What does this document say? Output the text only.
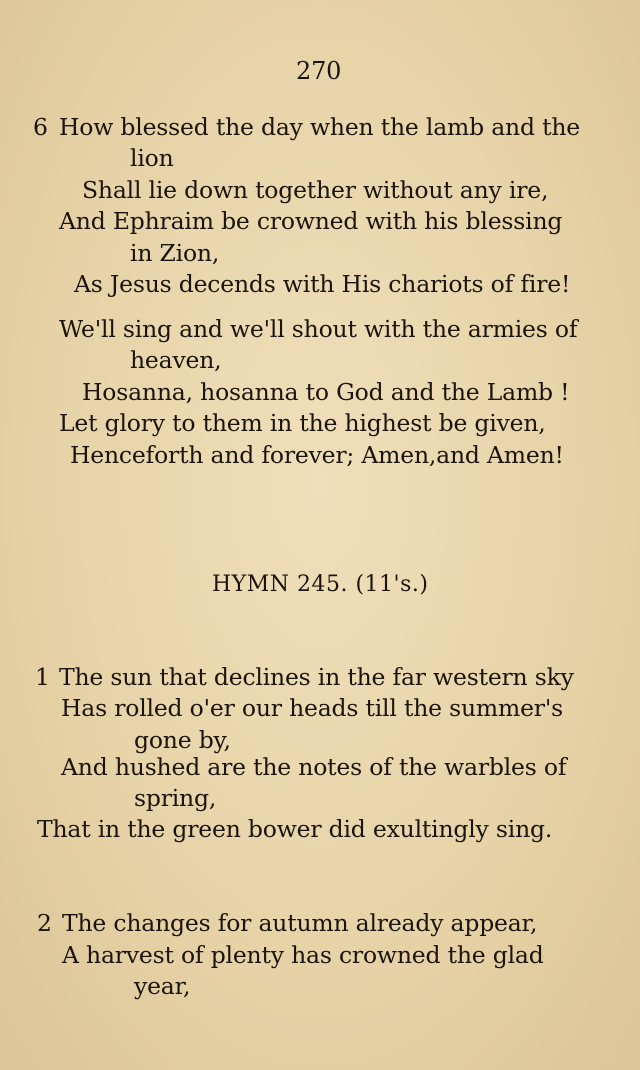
270
6 How blessed the day when the lamb and the
lion
Shall lie down together without any ire,
And Ephraim be crowned with his blessing
in Zion,
As Jesus decends with His chariots of fire!
We'll sing and we'll shout with the armies of
heaven,
Hosanna, hosanna to God and the Lamb !
Let glory to them in the highest be given,
Henceforth and forever; Amen,and Amen!
HYMN 245. (11's.)
1 The sun that declines in the far western sky
Has rolled o'er our heads till the summer's
gone by,
And hushed are the notes of the warbles of
spring,
That in the green bower did exultingly sing.
2 The changes for autumn already appear,
A harvest of plenty has crowned the glad
year,
